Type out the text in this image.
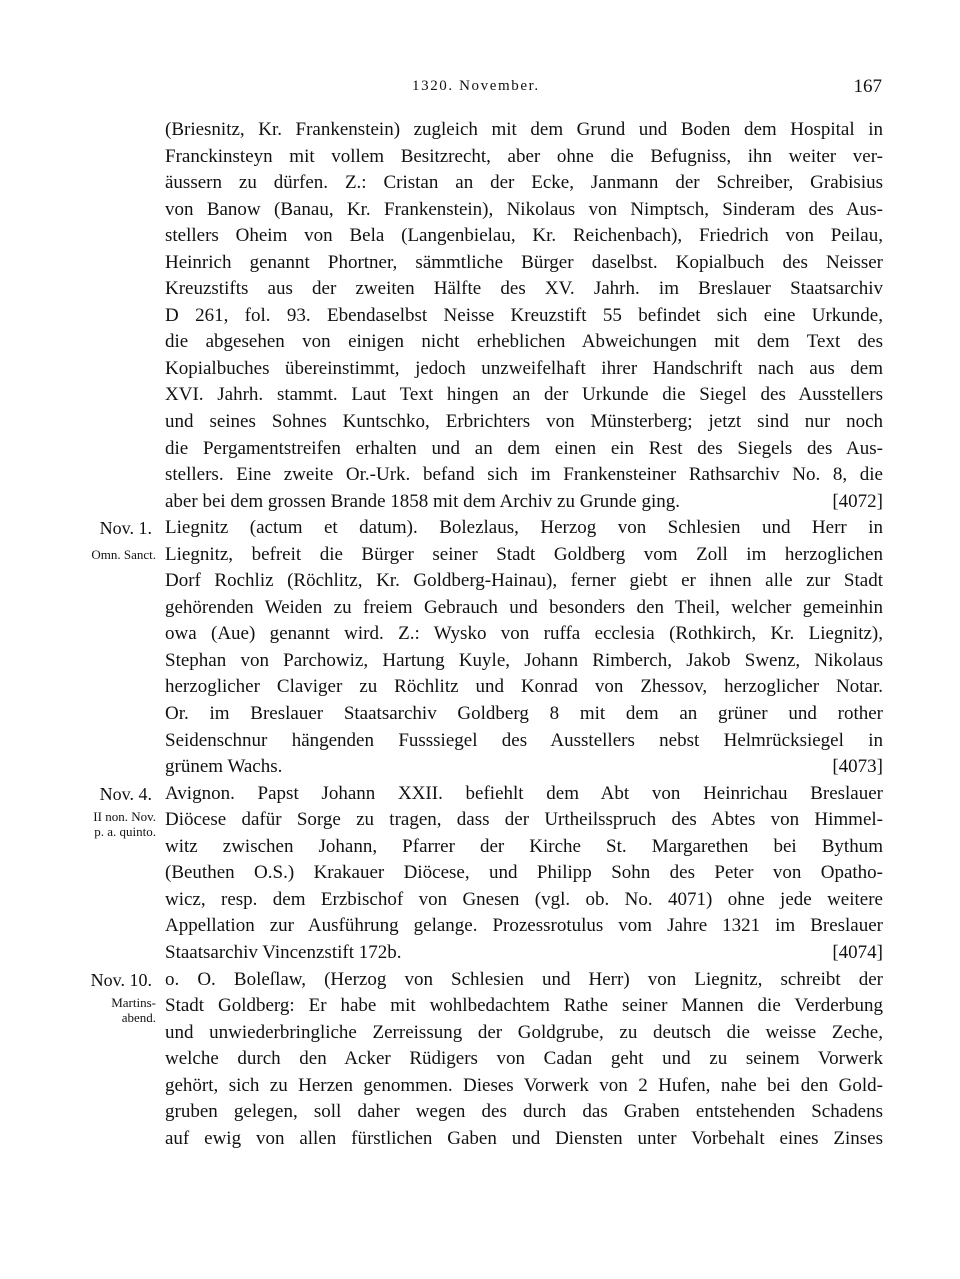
1320. November.	167
(Briesnitz, Kr. Frankenstein) zugleich mit dem Grund und Boden dem Hospital in
Franckinsteyn mit vollem Besitzrecht, aber ohne die Befugniss, ihn weiter ver-
äussern zu dürfen. Z.: Cristan an der Ecke, Janmann der Schreiber, Grabisius
von Banow (Banau, Kr. Frankenstein), Nikolaus von Nimptsch, Sinderam des Aus-
stellers Oheim von Bela (Langenbielau, Kr. Reichenbach), Friedrich von Peilau,
Heinrich genannt Phortner, sämmtliche Bürger daselbst. Kopialbuch des Neisser
Kreuzstifts aus der zweiten Hälfte des XV. Jahrh. im Breslauer Staatsarchiv
D 261, fol. 93. Ebendaselbst Neisse Kreuzstift 55 befindet sich eine Urkunde,
die abgesehen von einigen nicht erheblichen Abweichungen mit dem Text des
Kopialbuches übereinstimmt, jedoch unzweifelhaft ihrer Handschrift nach aus dem
XVI. Jahrh. stammt. Laut Text hingen an der Urkunde die Siegel des Ausstellers
und seines Sohnes Kuntschko, Erbrichters von Münsterberg; jetzt sind nur noch
die Pergamentstreifen erhalten und an dem einen ein Rest des Siegels des Aus-
stellers. Eine zweite Or.-Urk. befand sich im Frankensteiner Rathsarchiv No. 8, die
aber bei dem grossen Brande 1858 mit dem Archiv zu Grunde ging.	[4072]
Nov. 1. Liegnitz (actum et datum). Bolezlaus, Herzog von Schlesien und Herr in
Omn. Sanct. Liegnitz, befreit die Bürger seiner Stadt Goldberg vom Zoll im herzoglichen
Dorf Rochliz (Röchlitz, Kr. Goldberg-Hainau), ferner giebt er ihnen alle zur Stadt
gehörenden Weiden zu freiem Gebrauch und besonders den Theil, welcher gemeinhin
owa (Aue) genannt wird. Z.: Wysko von ruffa ecclesia (Rothkirch, Kr. Liegnitz),
Stephan von Parchowiz, Hartung Kuyle, Johann Rimberch, Jakob Swenz, Nikolaus
herzoglicher Claviger zu Röchlitz und Konrad von Zhessov, herzoglicher Notar.
Or. im Breslauer Staatsarchiv Goldberg 8 mit dem an grüner und rother
Seidenschnur hängenden Fusssiegel des Ausstellers nebst Helmrücksiegel in
grünem Wachs.	[4073]
Nov. 4. Avignon. Papst Johann XXII. befiehlt dem Abt von Heinrichau Breslauer
II non. Nov.
p. a. quinto.
Diöcese dafür Sorge zu tragen, dass der Urtheilsspruch des Abtes von Himmel-
witz zwischen Johann, Pfarrer der Kirche St. Margarethen bei Bythum
(Beuthen O.S.) Krakauer Diöcese, und Philipp Sohn des Peter von Opatho-
wicz, resp. dem Erzbischof von Gnesen (vgl. ob. No. 4071) ohne jede weitere
Appellation zur Ausführung gelange. Prozessrotulus vom Jahre 1321 im Breslauer
Staatsarchiv Vincenzstift 172b.	[4074]
Nov. 10. o. O. Boleſlaw, (Herzog von Schlesien und Herr) von Liegnitz, schreibt der
Martins-
abend.
Stadt Goldberg: Er habe mit wohlbedachtem Rathe seiner Mannen die Verderbung
und unwiederbringliche Zerreissung der Goldgrube, zu deutsch die weisse Zeche,
welche durch den Acker Rüdigers von Cadan geht und zu seinem Vorwerk
gehört, sich zu Herzen genommen. Dieses Vorwerk von 2 Hufen, nahe bei den Gold-
gruben gelegen, soll daher wegen des durch das Graben entstehenden Schadens
auf ewig von allen fürstlichen Gaben und Diensten unter Vorbehalt eines Zinses
